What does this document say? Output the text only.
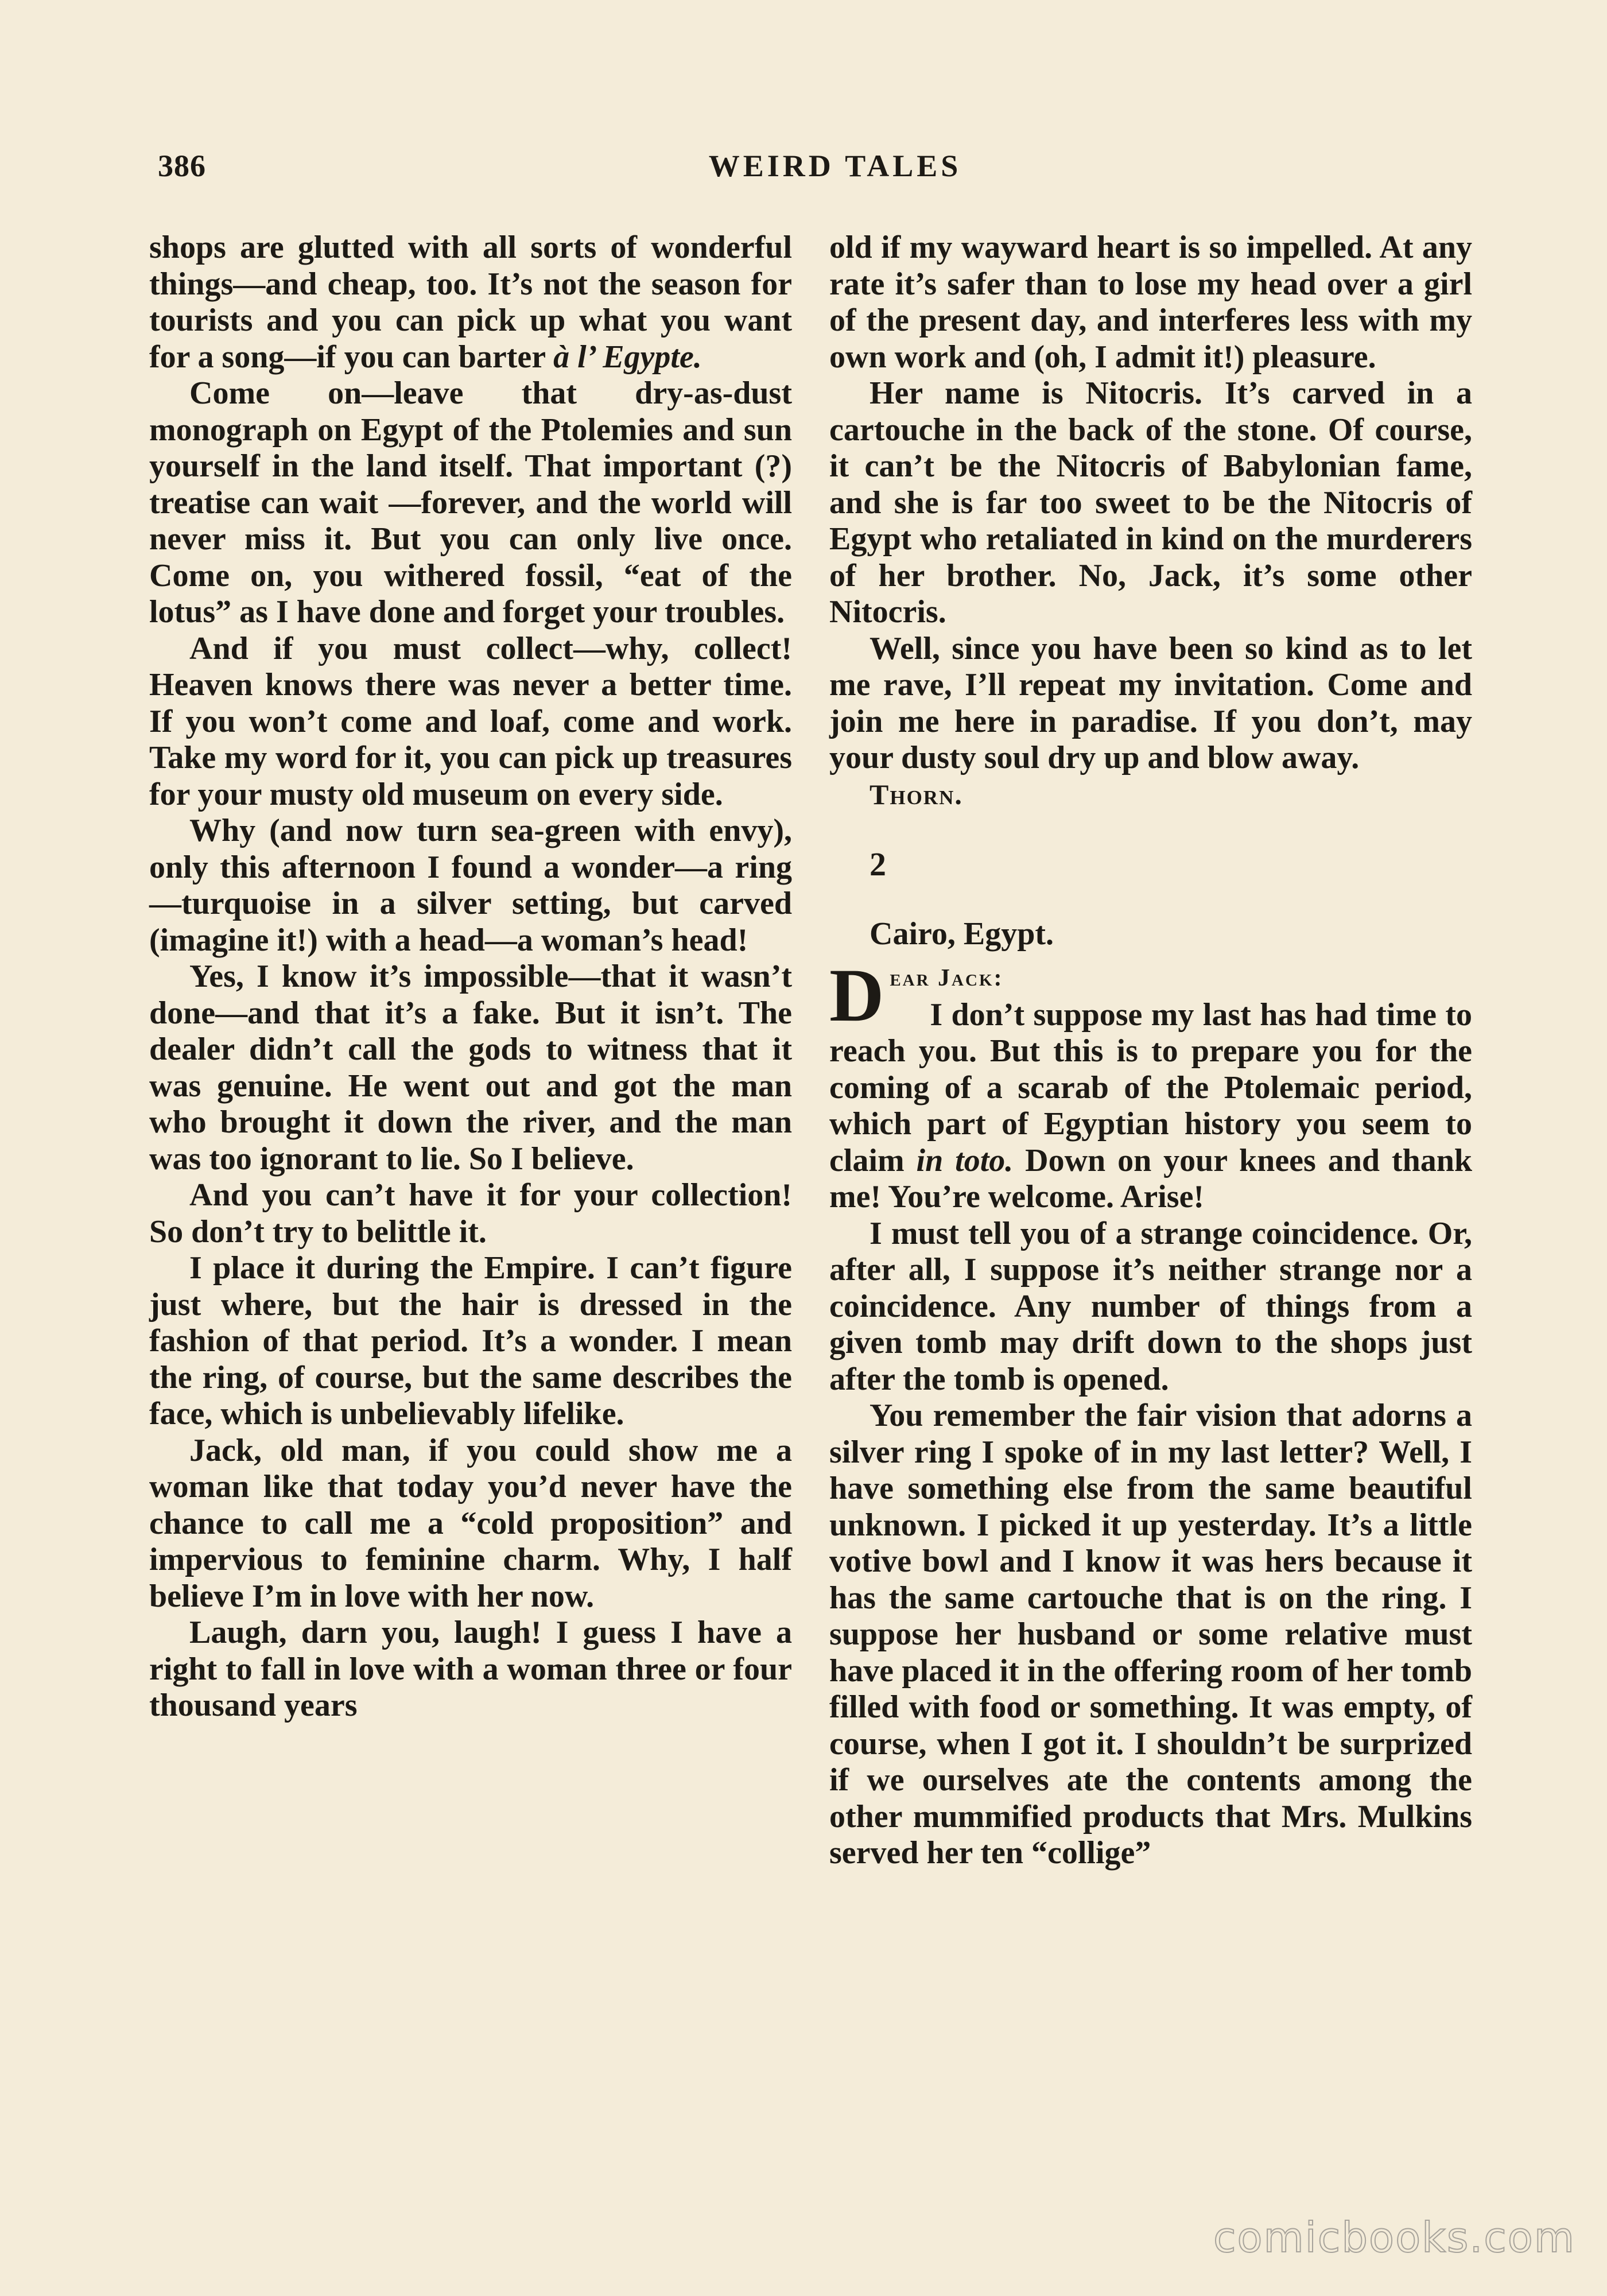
386	WEIRD TALES

shops are glutted with all sorts of wonderful things—and cheap, too. It’s not the season for tourists and you can pick up what you want for a song—if you can barter à l’ Egypte.

Come on—leave that dry-as-dust monograph on Egypt of the Ptolemies and sun yourself in the land itself. That important (?) treatise can wait —forever, and the world will never miss it. But you can only live once. Come on, you withered fossil, “eat of the lotus” as I have done and forget your troubles.

And if you must collect—why, collect! Heaven knows there was never a better time. If you won’t come and loaf, come and work. Take my word for it, you can pick up treasures for your musty old museum on every side.

Why (and now turn sea-green with envy), only this afternoon I found a wonder—a ring—turquoise in a silver setting, but carved (imagine it!) with a head—a woman’s head!

Yes, I know it’s impossible—that it wasn’t done—and that it’s a fake. But it isn’t. The dealer didn’t call the gods to witness that it was genuine. He went out and got the man who brought it down the river, and the man was too ignorant to lie. So I believe.

And you can’t have it for your collection! So don’t try to belittle it.

I place it during the Empire. I can’t figure just where, but the hair is dressed in the fashion of that period. It’s a wonder. I mean the ring, of course, but the same describes the face, which is unbelievably lifelike.

Jack, old man, if you could show me a woman like that today you’d never have the chance to call me a “cold proposition” and impervious to feminine charm. Why, I half believe I’m in love with her now.

Laugh, darn you, laugh! I guess I have a right to fall in love with a woman three or four thousand years

old if my wayward heart is so impelled. At any rate it’s safer than to lose my head over a girl of the present day, and interferes less with my own work and (oh, I admit it!) pleasure.

Her name is Nitocris. It’s carved in a cartouche in the back of the stone. Of course, it can’t be the Nitocris of Babylonian fame, and she is far too sweet to be the Nitocris of Egypt who retaliated in kind on the murderers of her brother. No, Jack, it’s some other Nitocris.

Well, since you have been so kind as to let me rave, I’ll repeat my invitation. Come and join me here in paradise. If you don’t, may your dusty soul dry up and blow away.

Thorn.

2

Cairo, Egypt.

D ear Jack:

I don’t suppose my last has had time to reach you. But this is to prepare you for the coming of a scarab of the Ptolemaic period, which part of Egyptian history you seem to claim in toto. Down on your knees and thank me! You’re welcome. Arise!

I must tell you of a strange coincidence. Or, after all, I suppose it’s neither strange nor a coincidence. Any number of things from a given tomb may drift down to the shops just after the tomb is opened.

You remember the fair vision that adorns a silver ring I spoke of in my last letter? Well, I have something else from the same beautiful unknown. I picked it up yesterday. It’s a little votive bowl and I know it was hers because it has the same cartouche that is on the ring. I suppose her husband or some relative must have placed it in the offering room of her tomb filled with food or something. It was empty, of course, when I got it. I shouldn’t be surprized if we ourselves ate the contents among the other mummified products that Mrs. Mulkins served her ten “collige”

comicbooks.com
